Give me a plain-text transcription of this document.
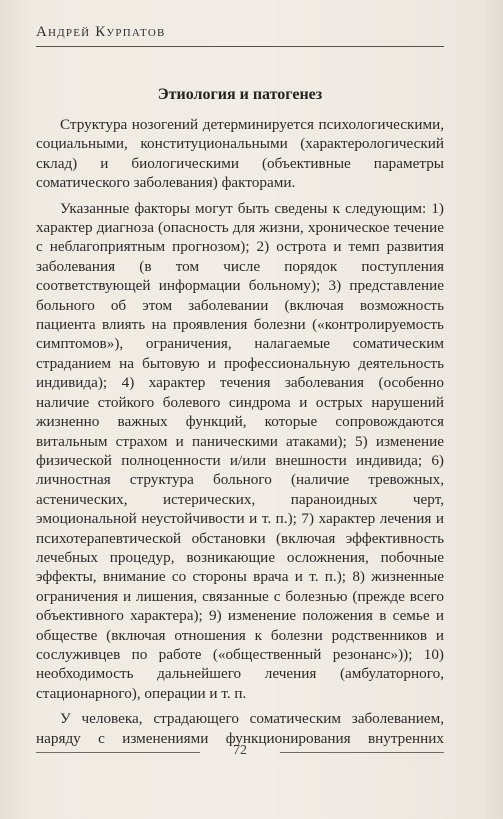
Андрей Курпатов
Этиология и патогенез

Структура нозогений детерминируется психологическими, социальными, конституциональными (характерологический склад) и биологическими (объективные параметры соматического заболевания) факторами.

Указанные факторы могут быть сведены к следующим: 1) характер диагноза (опасность для жизни, хроническое течение с неблагоприятным прогнозом); 2) острота и темп развития заболевания (в том числе порядок поступления соответствующей информации больному); 3) представление больного об этом заболевании (включая возможность пациента влиять на проявления болезни («контролируемость симптомов»), ограничения, налагаемые соматическим страданием на бытовую и профессиональную деятельность индивида); 4) характер течения заболевания (особенно наличие стойкого болевого синдрома и острых нарушений жизненно важных функций, которые сопровождаются витальным страхом и паническими атаками); 5) изменение физической полноценности и/или внешности индивида; 6) личностная структура больного (наличие тревожных, астенических, истерических, параноидных черт, эмоциональной неустойчивости и т. п.); 7) характер лечения и психотерапевтической обстановки (включая эффективность лечебных процедур, возникающие осложнения, побочные эффекты, внимание со стороны врача и т. п.); 8) жизненные ограничения и лишения, связанные с болезнью (прежде всего объективного характера); 9) изменение положения в семье и обществе (включая отношения к болезни родственников и сослуживцев по работе («общественный резонанс»)); 10) необходимость дальнейшего лечения (амбулаторного, стационарного), операции и т. п.

У человека, страдающего соматическим заболеванием, наряду с изменениями функционирования внутренних

72
